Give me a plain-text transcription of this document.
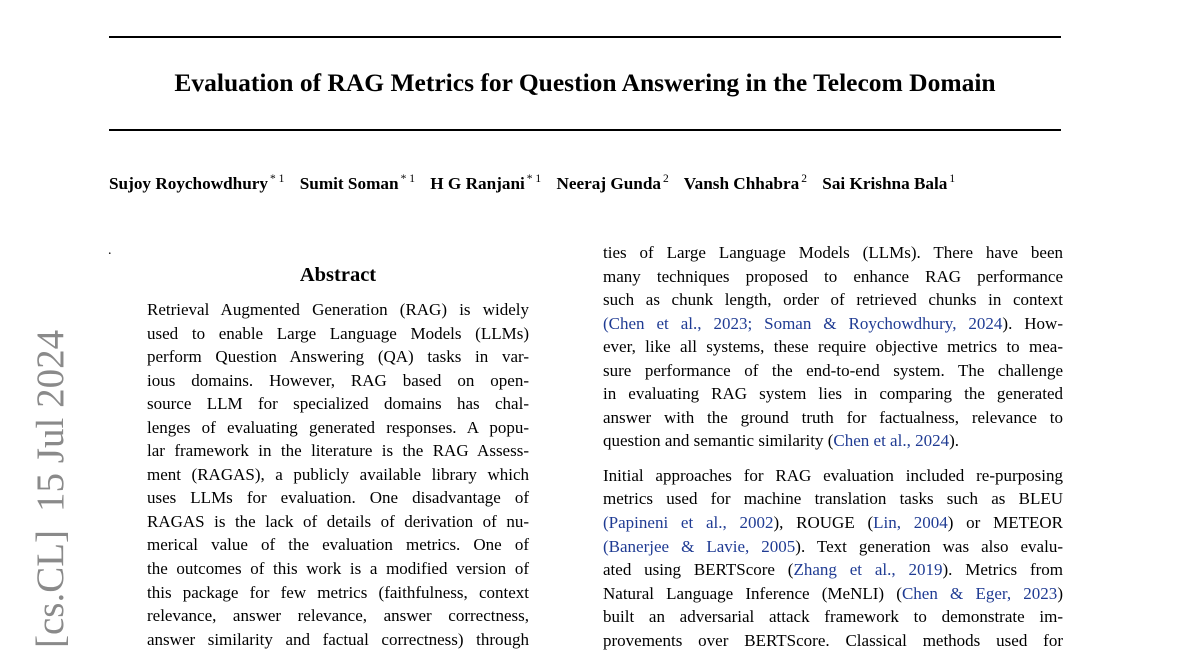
Evaluation of RAG Metrics for Question Answering in the Telecom Domain
Sujoy Roychowdhury $^{* 1}$ Sumit Soman $^{* 1}$ H G Ranjani $^{* 1}$ Neeraj Gunda $^2$ Vansh Chhabra $^2$ Sai Krishna Bala $^1$
.
[cs.CL]15 Jul 2024
Abstract
Retrieval Augmented Generation (RAG) is widely
used to enable Large Language Models (LLMs)
perform Question Answering (QA) tasks in var-
ious domains. However, RAG based on open-
source LLM for specialized domains has chal-
lenges of evaluating generated responses. A popu-
lar framework in the literature is the RAG Assess-
ment (RAGAS), a publicly available library which
uses LLMs for evaluation. One disadvantage of
RAGAS is the lack of details of derivation of nu-
merical value of the evaluation metrics. One of
the outcomes of this work is a modified version of
this package for few metrics (faithfulness, context
relevance, answer relevance, answer correctness,
answer similarity and factual correctness) through
ties of Large Language Models (LLMs). There have been
many techniques proposed to enhance RAG performance
such as chunk length, order of retrieved chunks in context
(Chen et al., 2023; Soman & Roychowdhury, 2024). How-
ever, like all systems, these require objective metrics to mea-
sure performance of the end-to-end system. The challenge
in evaluating RAG system lies in comparing the generated
answer with the ground truth for factualness, relevance to
question and semantic similarity (Chen et al., 2024).
Initial approaches for RAG evaluation included re-purposing
metrics used for machine translation tasks such as BLEU
(Papineni et al., 2002), ROUGE (Lin, 2004) or METEOR
(Banerjee & Lavie, 2005). Text generation was also evalu-
ated using BERTScore (Zhang et al., 2019). Metrics from
Natural Language Inference (MeNLI) (Chen & Eger, 2023)
built an adversarial attack framework to demonstrate im-
provements over BERTScore. Classical methods used for
